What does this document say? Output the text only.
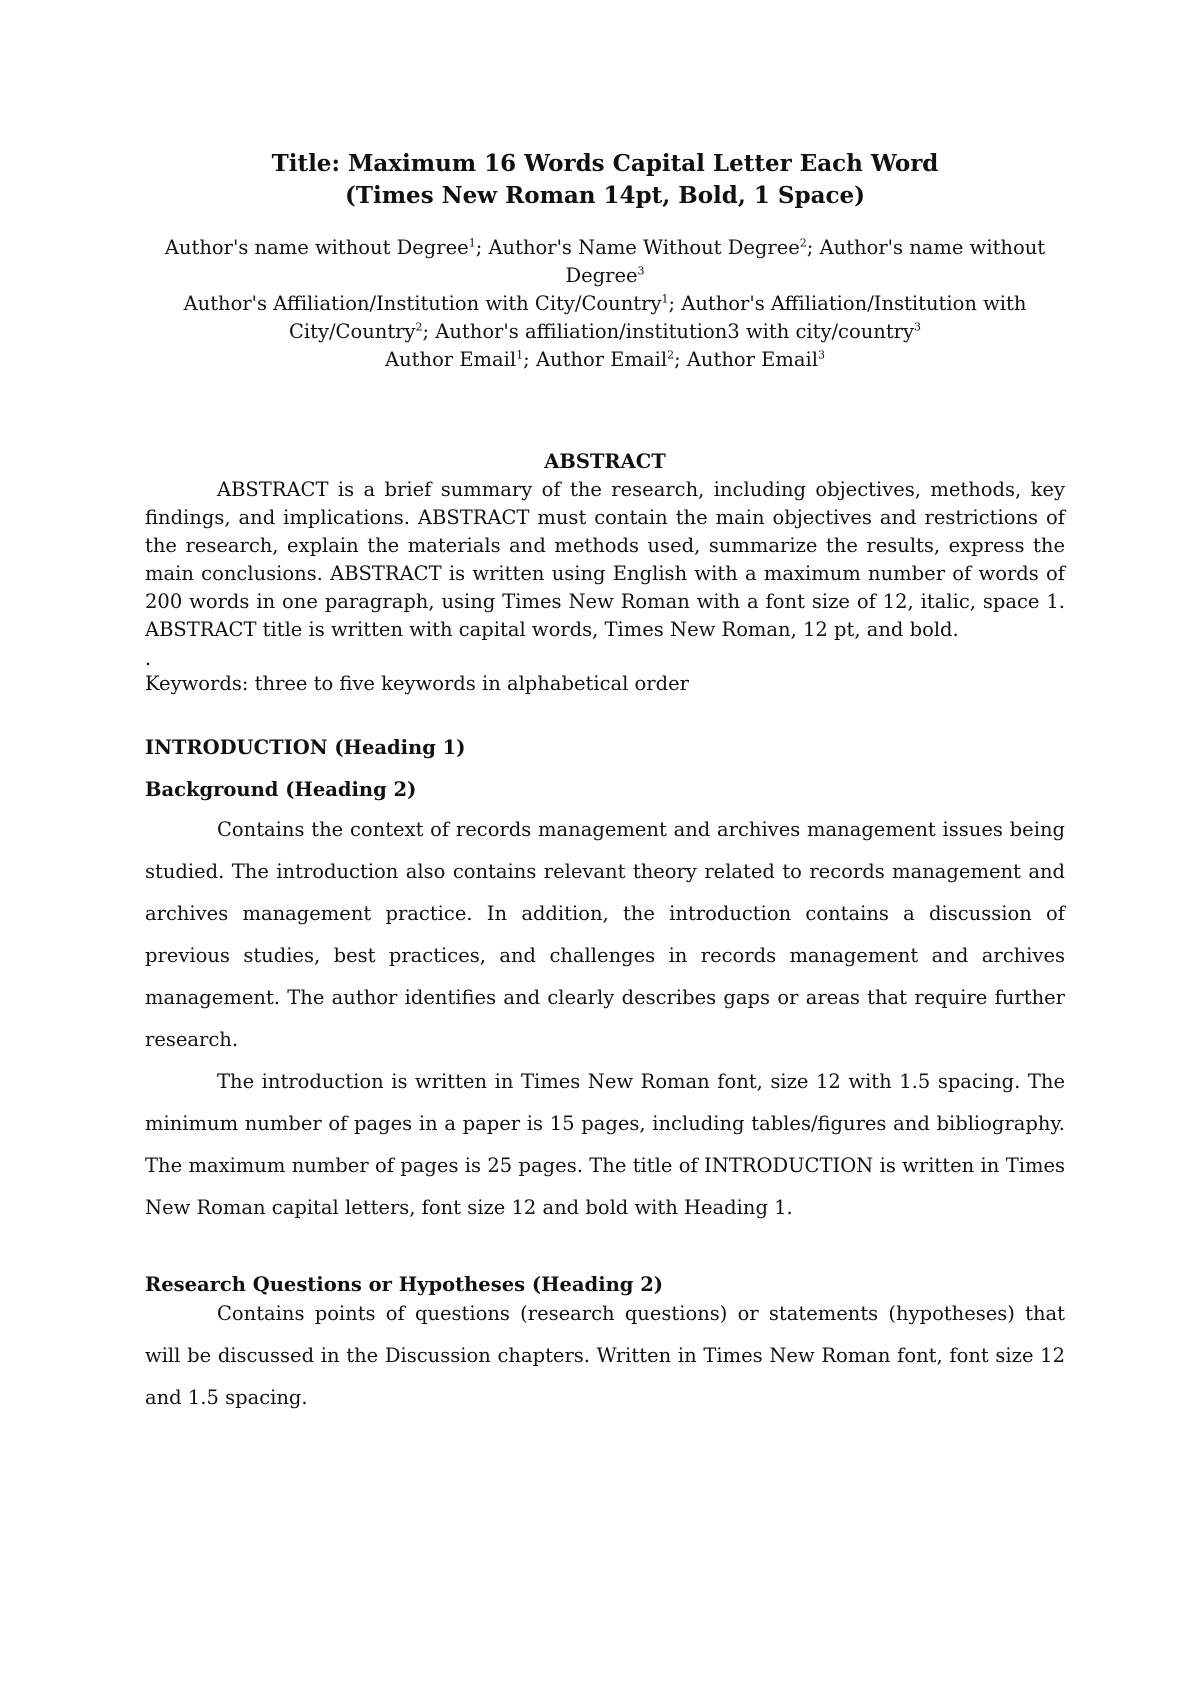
Title: Maximum 16 Words Capital Letter Each Word
(Times New Roman 14pt, Bold, 1 Space)

Author's name without Degree$^1$; Author's Name Without Degree$^2$; Author's name without
Degree$^3$

Author's Affiliation/Institution with City/Country$^1$; Author's Affiliation/Institution with
City/Country$^2$; Author's affiliation/institution3 with city/country$^3$

Author Email$^1$; Author Email$^2$; Author Email$^3$

ABSTRACT

ABSTRACT is a brief summary of the research, including objectives, methods, key findings, and implications. ABSTRACT must contain the main objectives and restrictions of the research, explain the materials and methods used, summarize the results, express the main conclusions. ABSTRACT is written using English with a maximum number of words of 200 words in one paragraph, using Times New Roman with a font size of 12, italic, space 1. ABSTRACT title is written with capital words, Times New Roman, 12 pt, and bold.

.

Keywords: three to five keywords in alphabetical order

INTRODUCTION (Heading 1)
Background (Heading 2)

Contains the context of records management and archives management issues being studied. The introduction also contains relevant theory related to records management and archives management practice. In addition, the introduction contains a discussion of previous studies, best practices, and challenges in records management and archives management. The author identifies and clearly describes gaps or areas that require further research.

The introduction is written in Times New Roman font, size 12 with 1.5 spacing. The minimum number of pages in a paper is 15 pages, including tables/figures and bibliography. The maximum number of pages is 25 pages. The title of INTRODUCTION is written in Times New Roman capital letters, font size 12 and bold with Heading 1.

Research Questions or Hypotheses (Heading 2)

Contains points of questions (research questions) or statements (hypotheses) that will be discussed in the Discussion chapters. Written in Times New Roman font, font size 12 and 1.5 spacing.
